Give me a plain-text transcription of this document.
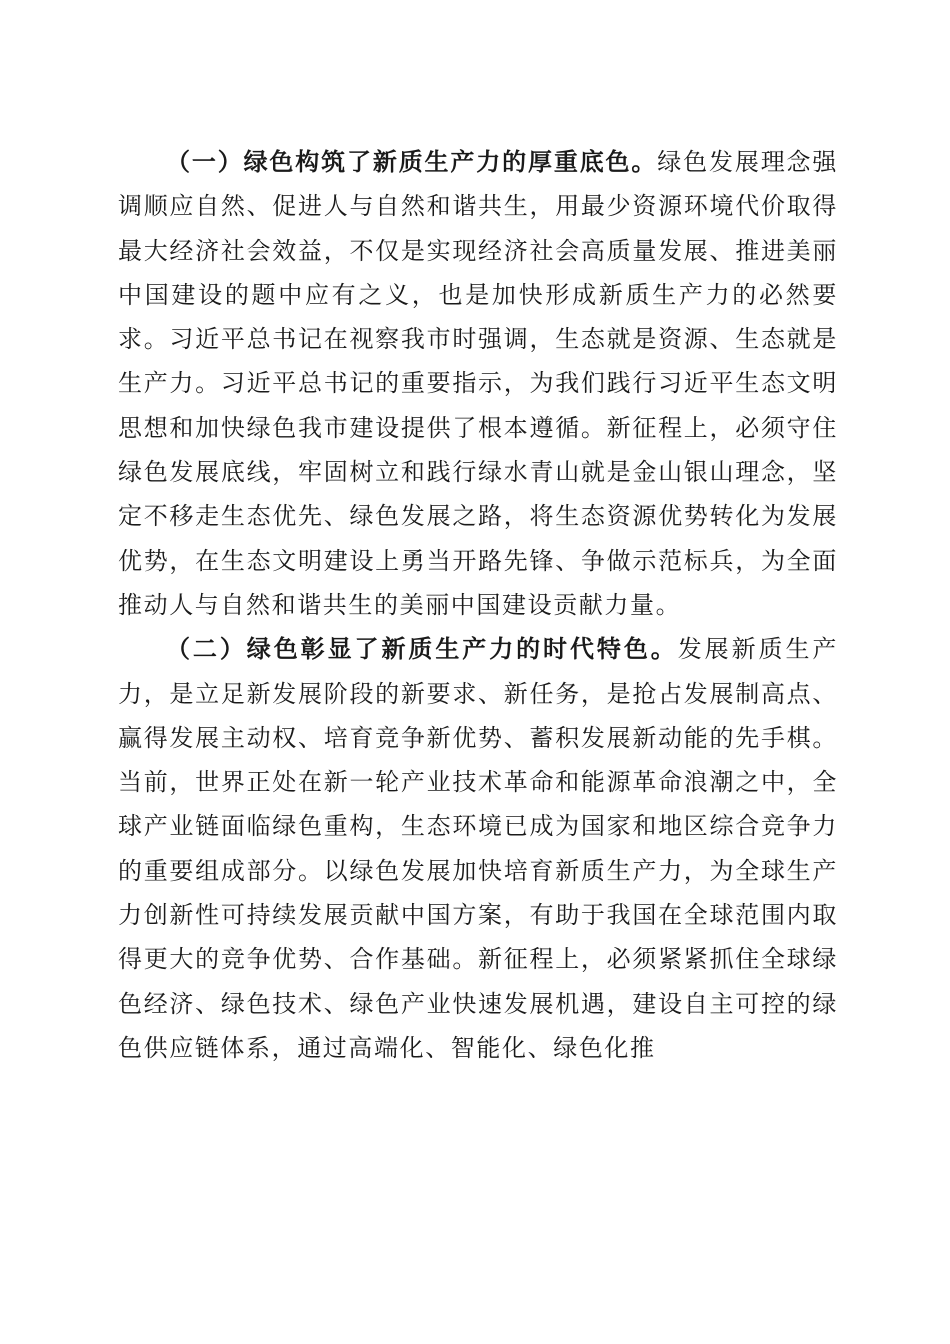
（一）绿色构筑了新质生产力的厚重底色。绿色发展理念强调顺应自然、促进人与自然和谐共生，用最少资源环境代价取得最大经济社会效益，不仅是实现经济社会高质量发展、推进美丽中国建设的题中应有之义，也是加快形成新质生产力的必然要求。习近平总书记在视察我市时强调，生态就是资源、生态就是生产力。习近平总书记的重要指示，为我们践行习近平生态文明思想和加快绿色我市建设提供了根本遵循。新征程上，必须守住绿色发展底线，牢固树立和践行绿水青山就是金山银山理念，坚定不移走生态优先、绿色发展之路，将生态资源优势转化为发展优势，在生态文明建设上勇当开路先锋、争做示范标兵，为全面推动人与自然和谐共生的美丽中国建设贡献力量。

（二）绿色彰显了新质生产力的时代特色。发展新质生产力，是立足新发展阶段的新要求、新任务，是抢占发展制高点、赢得发展主动权、培育竞争新优势、蓄积发展新动能的先手棋。当前，世界正处在新一轮产业技术革命和能源革命浪潮之中，全球产业链面临绿色重构，生态环境已成为国家和地区综合竞争力的重要组成部分。以绿色发展加快培育新质生产力，为全球生产力创新性可持续发展贡献中国方案，有助于我国在全球范围内取得更大的竞争优势、合作基础。新征程上，必须紧紧抓住全球绿色经济、绿色技术、绿色产业快速发展机遇，建设自主可控的绿色供应链体系，通过高端化、智能化、绿色化推
